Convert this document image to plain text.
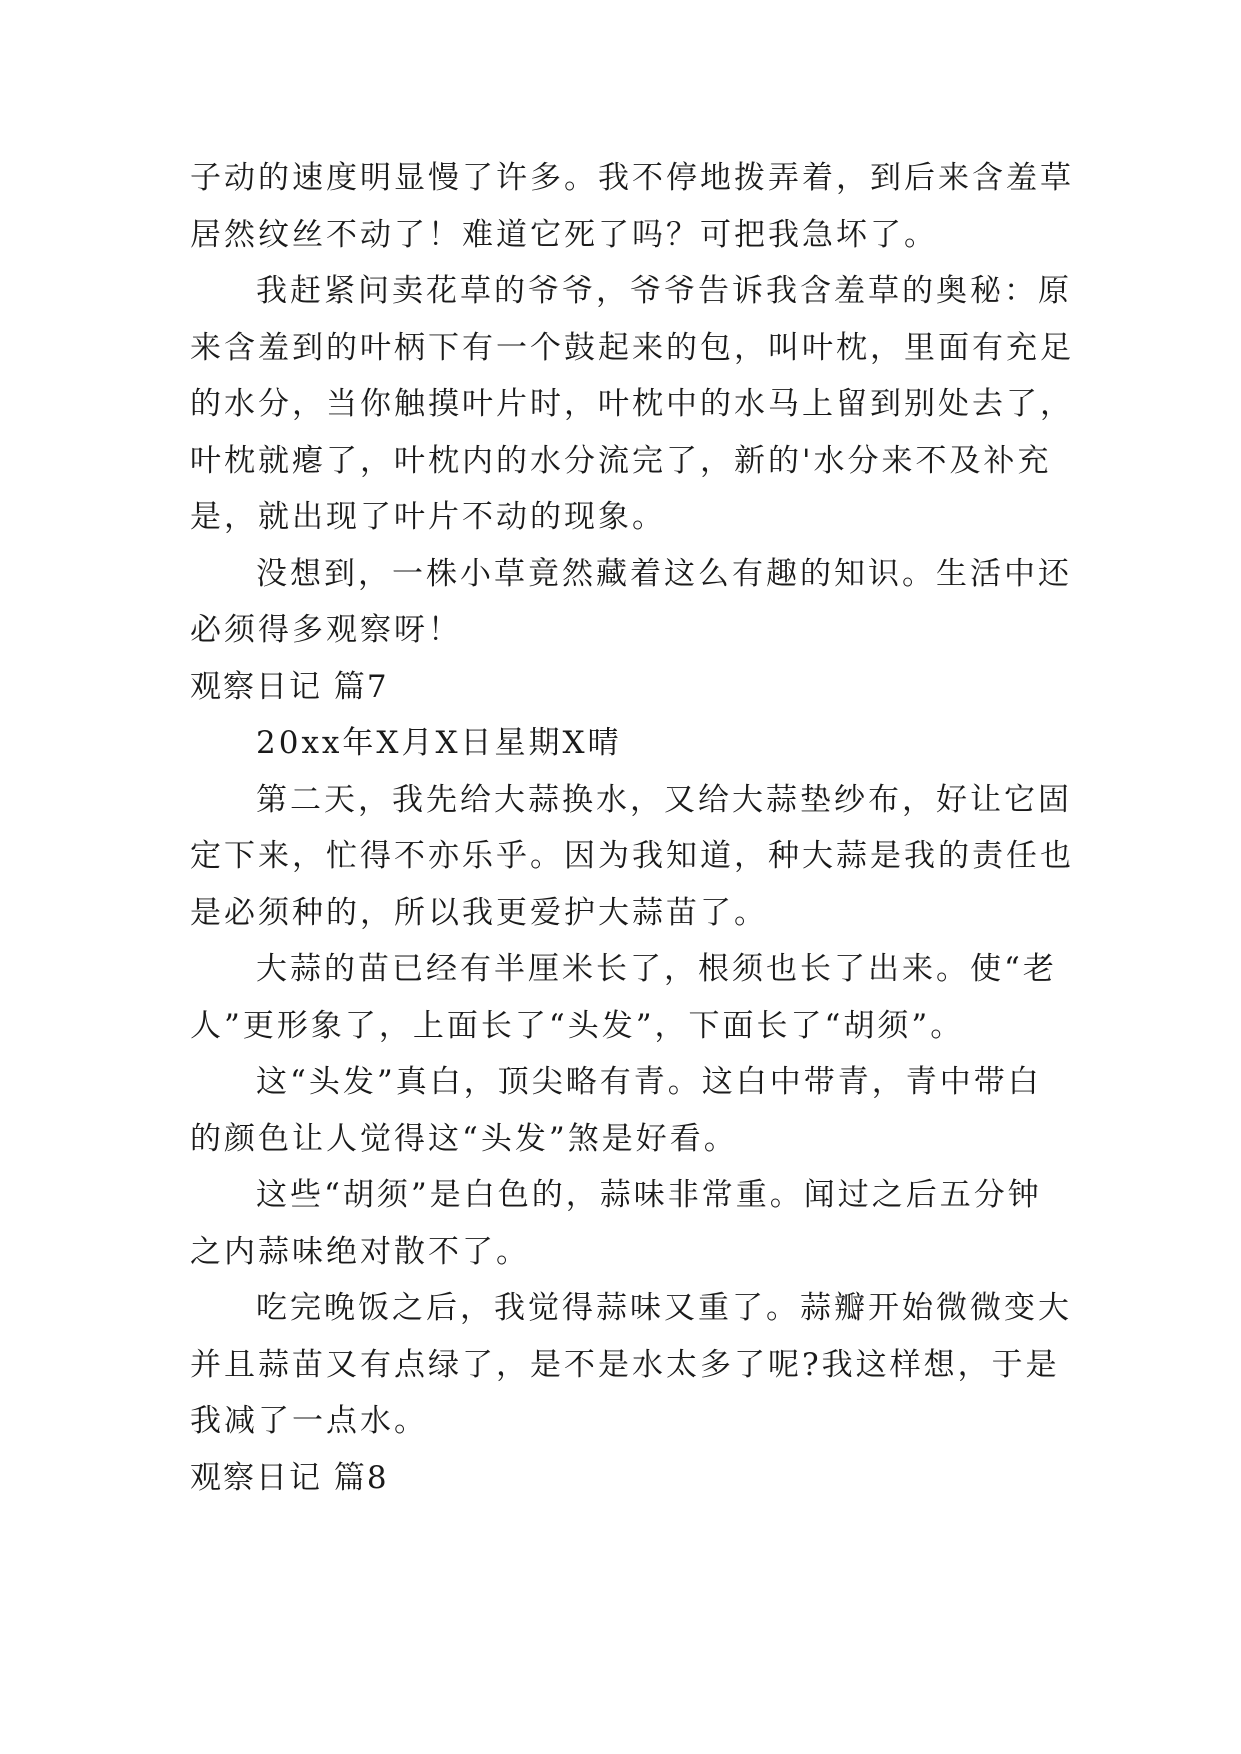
子动的速度明显慢了许多。我不停地拨弄着，到后来含羞草
居然纹丝不动了！难道它死了吗？可把我急坏了。
我赶紧问卖花草的爷爷，爷爷告诉我含羞草的奥秘：原
来含羞到的叶柄下有一个鼓起来的包，叫叶枕，里面有充足
的水分，当你触摸叶片时，叶枕中的水马上留到别处去了，
叶枕就瘪了，叶枕内的水分流完了，新的'水分来不及补充
是，就出现了叶片不动的现象。
没想到，一株小草竟然藏着这么有趣的知识。生活中还
必须得多观察呀！
观察日记 篇7
20xx年X月X日星期X晴
第二天，我先给大蒜换水，又给大蒜垫纱布，好让它固
定下来，忙得不亦乐乎。因为我知道，种大蒜是我的责任也
是必须种的，所以我更爱护大蒜苗了。
大蒜的苗已经有半厘米长了，根须也长了出来。使“老
人”更形象了，上面长了“头发”，下面长了“胡须”。
这“头发”真白，顶尖略有青。这白中带青，青中带白
的颜色让人觉得这“头发”煞是好看。
这些“胡须”是白色的，蒜味非常重。闻过之后五分钟
之内蒜味绝对散不了。
吃完晚饭之后，我觉得蒜味又重了。蒜瓣开始微微变大
并且蒜苗又有点绿了，是不是水太多了呢?我这样想，于是
我减了一点水。
观察日记 篇8
